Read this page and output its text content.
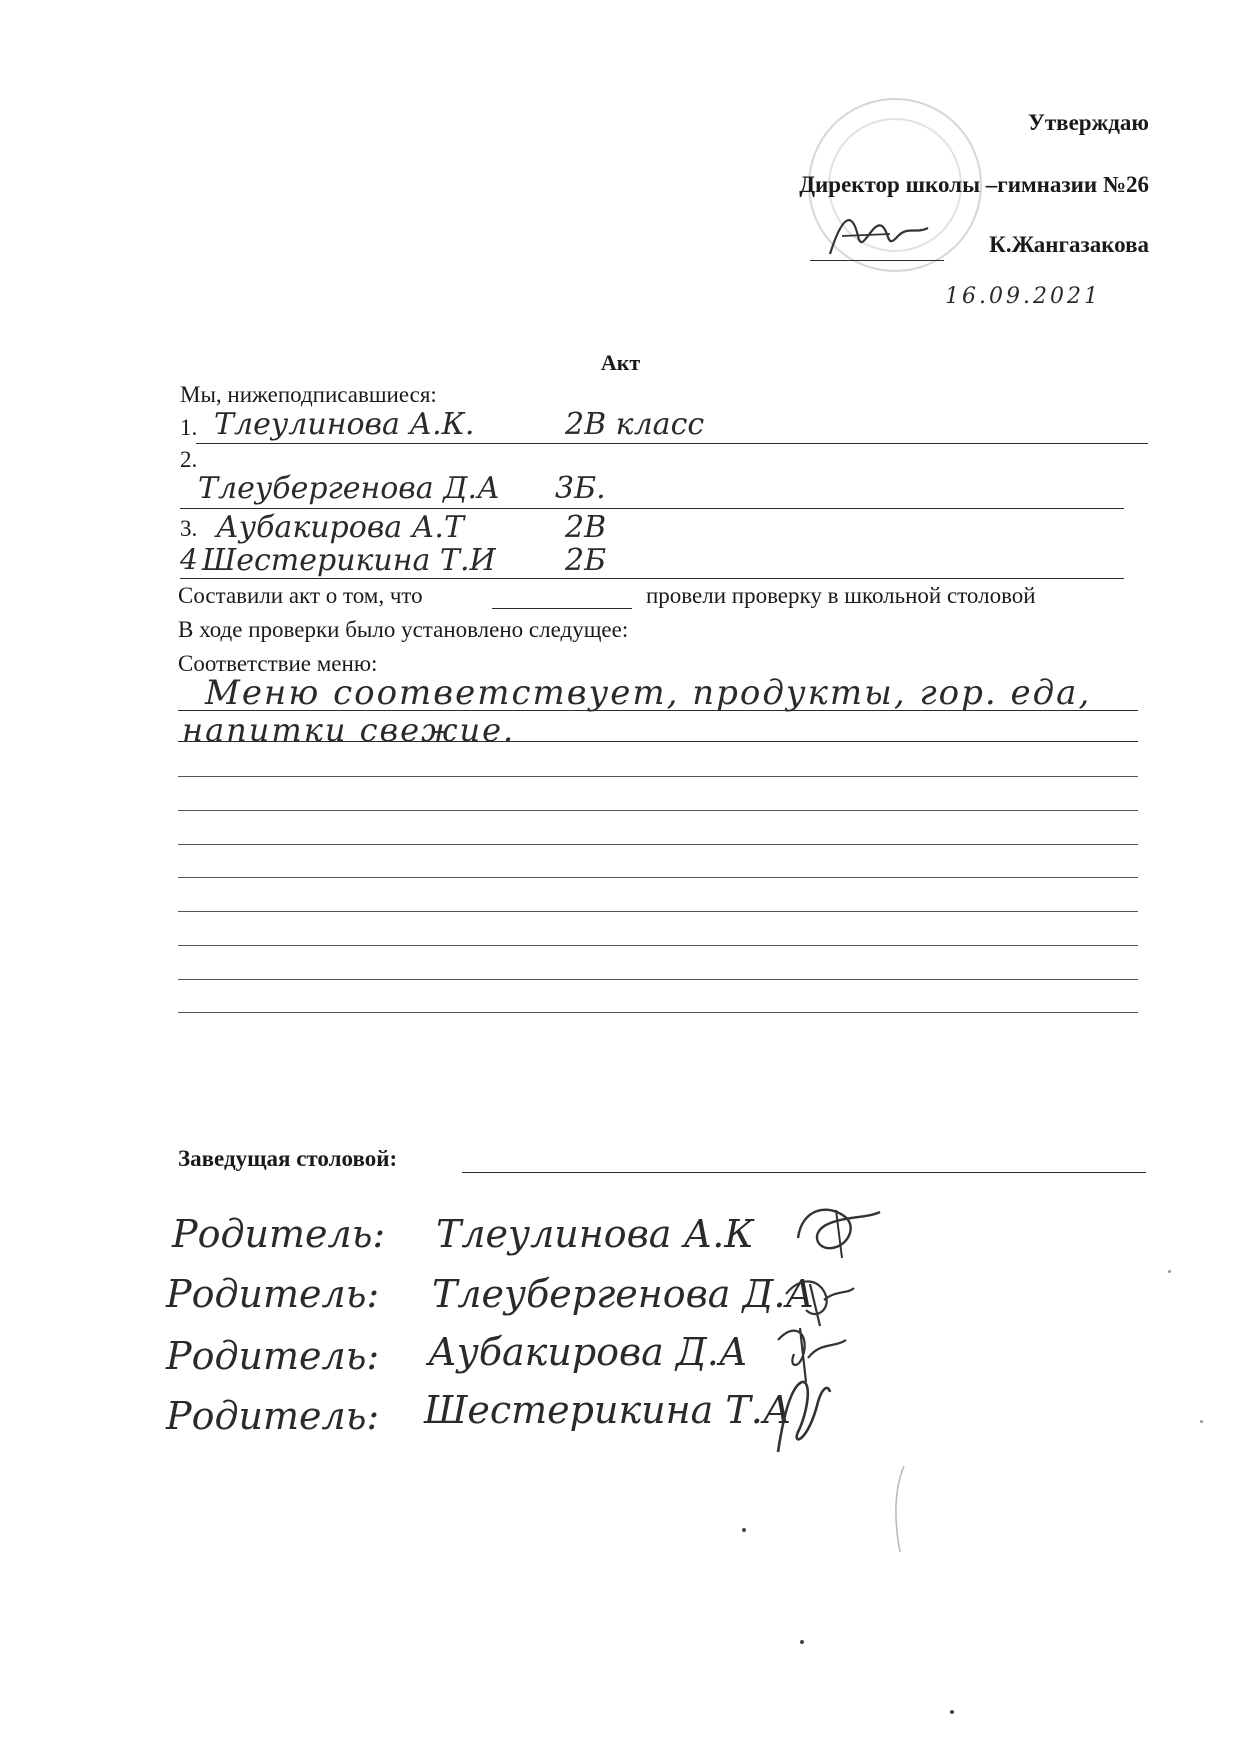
Утверждаю
Директор школы –гимназии №26
К.Жангазакова
16.09.2021
Акт
Мы, нижеподписавшиеся:
1. Тлеулинова А.К.	2В класс
2.
Тлеубергенова Д.А 3Б.
3. Аубакирова А.Т	2В
4 Шестерикина Т.И 2Б
Составили акт о том, что	провели проверку в школьной столовой
В ходе проверки было установлено следущее:
Соответствие меню:
Меню соответствует, продукты, гор. еда,
напитки свежие.
Заведущая столовой:
Родитель: Тлеулинова А.К
Родитель: Тлеубергенова Д.А
Родитель: Аубакирова Д.А
Родитель: Шестерикина Т.А
